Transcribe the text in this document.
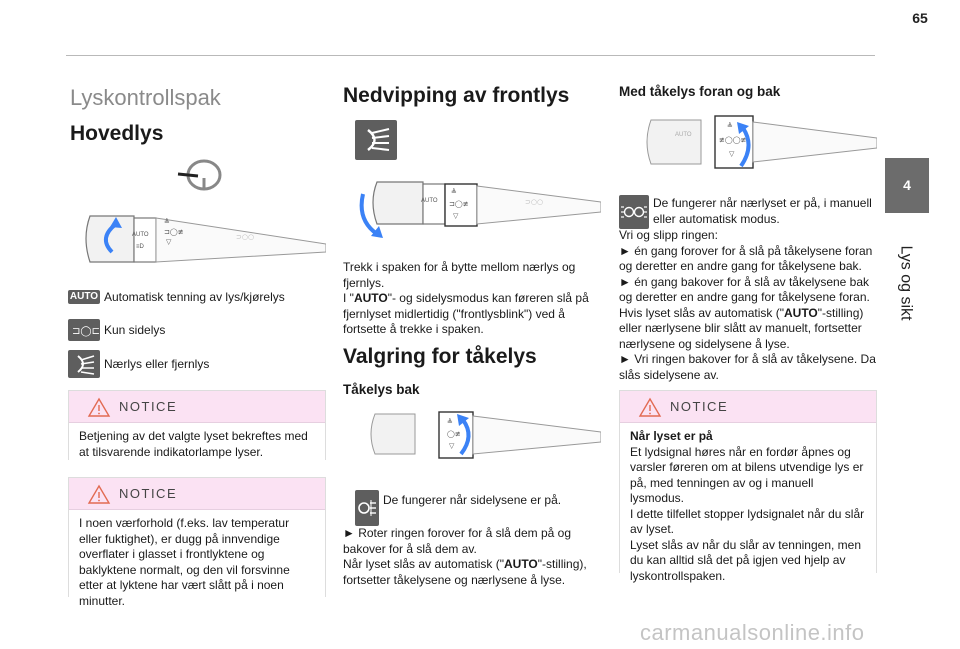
65
4
Lys og sikt
Lyskontrollspak
Hovedlys
AUTO
≡D
≜
⊐◯≢
▽
⊃○○
AUTO Automatisk tenning av lys/kjørelys
⊐◯⊏ Kun sidelys
Nærlys eller fjernlys
NOTICE
Betjening av det valgte lyset bekreftes med at tilsvarende indikatorlampe lyser.
NOTICE
I noen værforhold (f.eks. lav temperatur eller fuktighet), er dugg på innvendige overflater i glasset i frontlyktene og baklyktene normalt, og den vil forsvinne etter at lyktene har vært slått på i noen minutter.
Nedvipping av frontlys
AUTO
≜
⊐◯≢
▽
⊃○○
Trekk i spaken for å bytte mellom nærlys og fjernlys.
I "AUTO"- og sidelysmodus kan føreren slå på fjernlyset midlertidig ("frontlysblink") ved å fortsette å trekke i spaken.
Valgring for tåkelys
Tåkelys bak
≜
◯≢
▽
De fungerer når sidelysene er på.
► Roter ringen forover for å slå dem på og bakover for å slå dem av.
Når lyset slås av automatisk ("AUTO"-stilling), fortsetter tåkelysene og nærlysene å lyse.
Med tåkelys foran og bak
AUTO
≜
≢◯◯≢
▽
De fungerer når nærlyset er på, i manuell eller automatisk modus.
Vri og slipp ringen:
► én gang forover for å slå på tåkelysene foran og deretter en andre gang for tåkelysene bak.
► én gang bakover for å slå av tåkelysene bak og deretter en andre gang for tåkelysene foran.
Hvis lyset slås av automatisk ("AUTO"-stilling) eller nærlysene blir slått av manuelt, fortsetter nærlysene og sidelysene å lyse.
► Vri ringen bakover for å slå av tåkelysene. Da slås sidelysene av.
NOTICE
Når lyset er på
Et lydsignal høres når en fordør åpnes og varsler føreren om at bilens utvendige lys er på, med tenningen av og i manuell lysmodus.
I dette tilfellet stopper lydsignalet når du slår av lyset.
Lyset slås av når du slår av tenningen, men du kan alltid slå det på igjen ved hjelp av lyskontrollspaken.
carmanualsonline.info
